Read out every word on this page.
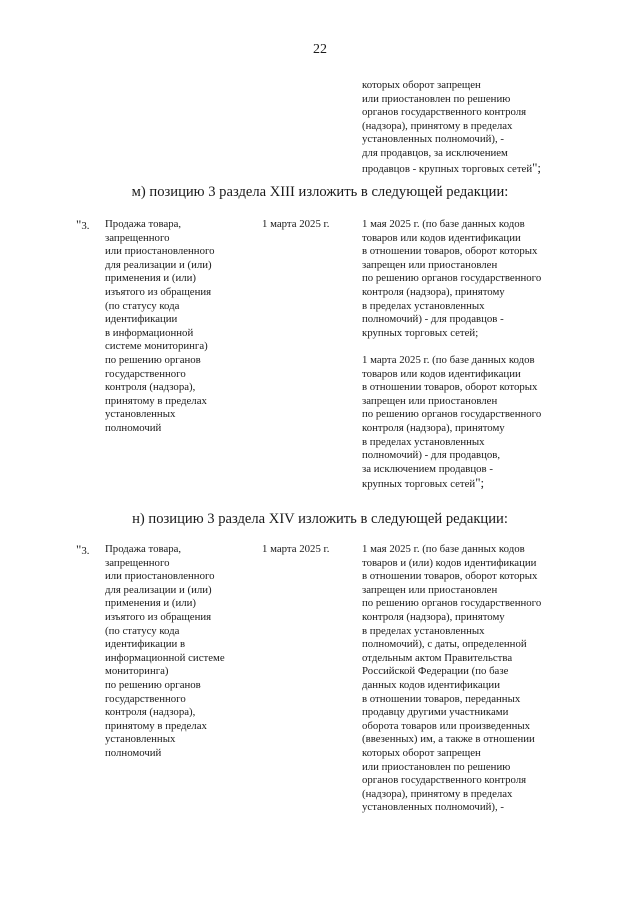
22
которых оборот запрещен
или приостановлен по решению
органов государственного контроля
(надзора), принятому в пределах
установленных полномочий), -
для продавцов, за исключением
продавцов - крупных торговых сетей";
м) позицию 3 раздела XIII изложить в следующей редакции:
"3. Продажа товара,
запрещенного
или приостановленного
для реализации и (или)
применения и (или)
изъятого из обращения
(по статусу кода
идентификации
в информационной
системе мониторинга)
по решению органов
государственного
контроля (надзора),
принятому в пределах
установленных
полномочий
1 марта 2025 г.	1 мая 2025 г. (по базе данных кодов
товаров или кодов идентификации
в отношении товаров, оборот которых
запрещен или приостановлен
по решению органов государственного
контроля (надзора), принятому
в пределах установленных
полномочий) - для продавцов -
крупных торговых сетей;
1 марта 2025 г. (по базе данных кодов
товаров или кодов идентификации
в отношении товаров, оборот которых
запрещен или приостановлен
по решению органов государственного
контроля (надзора), принятому
в пределах установленных
полномочий) - для продавцов,
за исключением продавцов -
крупных торговых сетей";
н) позицию 3 раздела XIV изложить в следующей редакции:
"3. Продажа товара,
запрещенного
или приостановленного
для реализации и (или)
применения и (или)
изъятого из обращения
(по статусу кода
идентификации в
информационной системе
мониторинга)
по решению органов
государственного
контроля (надзора),
принятому в пределах
установленных
полномочий
1 марта 2025 г.	1 мая 2025 г. (по базе данных кодов
товаров и (или) кодов идентификации
в отношении товаров, оборот которых
запрещен или приостановлен
по решению органов государственного
контроля (надзора), принятому
в пределах установленных
полномочий), с даты, определенной
отдельным актом Правительства
Российской Федерации (по базе
данных кодов идентификации
в отношении товаров, переданных
продавцу другими участниками
оборота товаров или произведенных
(ввезенных) им, а также в отношении
которых оборот запрещен
или приостановлен по решению
органов государственного контроля
(надзора), принятому в пределах
установленных полномочий), -
